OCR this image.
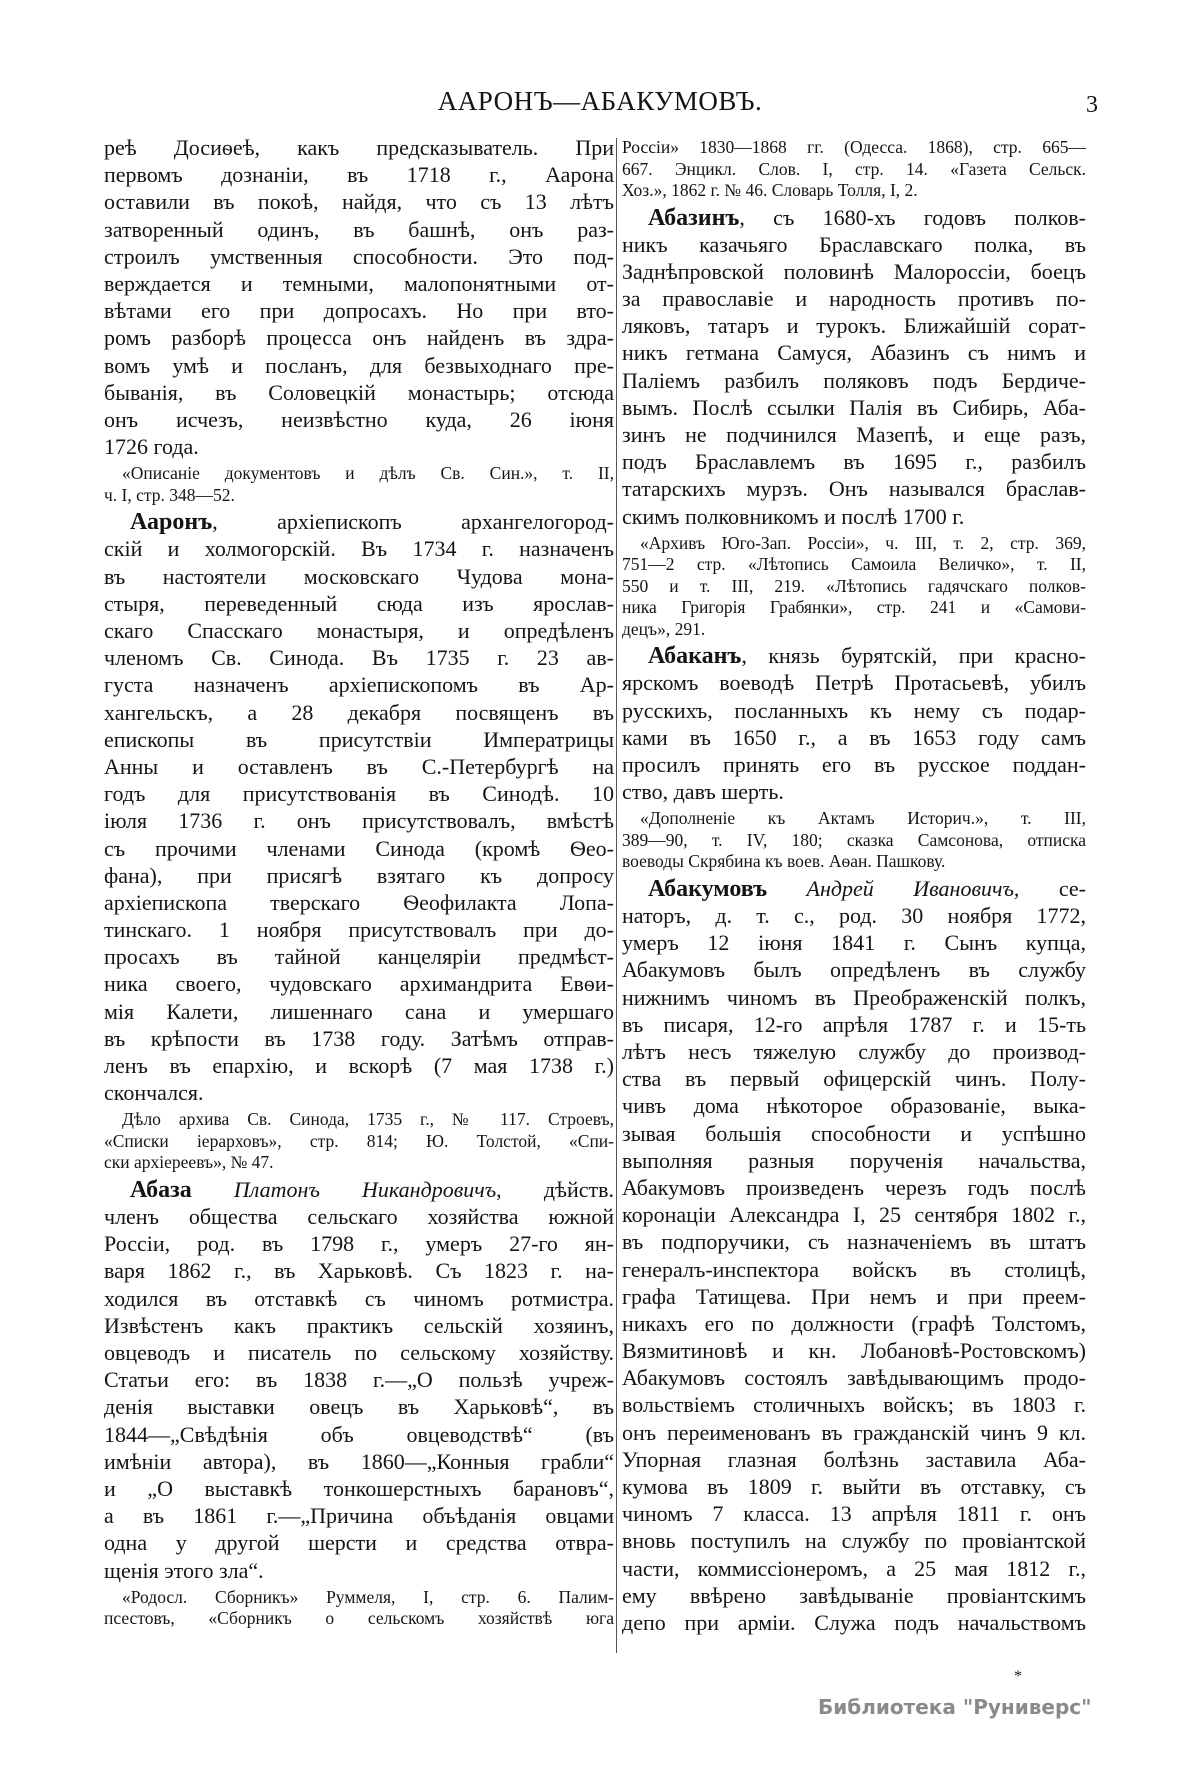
ААРОНЪ—АБАКУМОВЪ.	3
реѣ Досиѳеѣ, какъ предсказыватель. При
первомъ дознаніи, въ 1718 г., Аарона
оставили въ покоѣ, найдя, что съ 13 лѣтъ
затворенный одинъ, въ башнѣ, онъ раз-
строилъ умственныя способности. Это под-
верждается и темными, малопонятными от-
вѣтами его при допросахъ. Но при вто-
ромъ разборѣ процесса онъ найденъ въ здра-
вомъ умѣ и посланъ, для безвыходнаго пре-
быванія, въ Соловецкій монастырь; отсюда
онъ исчезъ, неизвѣстно куда, 26 іюня
1726 года.
«Описаніе документовъ и дѣлъ Св. Син.», т. II,
ч. I, стр. 348—52.
Ааронъ, архіепископъ архангелогород-
скій и холмогорскій. Въ 1734 г. назначенъ
въ настоятели московскаго Чудова мона-
стыря, переведенный сюда изъ ярослав-
скаго Спасскаго монастыря, и опредѣленъ
членомъ Св. Синода. Въ 1735 г. 23 ав-
густа назначенъ архіепископомъ въ Ар-
хангельскъ, а 28 декабря посвященъ въ
епископы въ присутствіи Императрицы
Анны и оставленъ въ С.-Петербургѣ на
годъ для присутствованія въ Синодѣ. 10
іюля 1736 г. онъ присутствовалъ, вмѣстѣ
съ прочими членами Синода (кромѣ Ѳео-
фана), при присягѣ взятаго къ допросу
архіепископа тверскаго Ѳеофилакта Лопа-
тинскаго. 1 ноября присутствовалъ при до-
просахъ въ тайной канцеляріи предмѣст-
ника своего, чудовскаго архимандрита Евѳи-
мія Калети, лишеннаго сана и умершаго
въ крѣпости въ 1738 году. Затѣмъ отправ-
ленъ въ епархію, и вскорѣ (7 мая 1738 г.)
скончался.
Дѣло архива Св. Синода, 1735 г., № 117. Строевъ,
«Списки іерарховъ», стр. 814; Ю. Толстой, «Спи-
ски архіереевъ», № 47.
Абаза Платонъ Никандровичъ, дѣйств.
членъ общества сельскаго хозяйства южной
Россіи, род. въ 1798 г., умеръ 27-го ян-
варя 1862 г., въ Харьковѣ. Съ 1823 г. на-
ходился въ отставкѣ съ чиномъ ротмистра.
Извѣстенъ какъ практикъ сельскій хозяинъ,
овцеводъ и писатель по сельскому хозяйству.
Статьи его: въ 1838 г.—„О пользѣ учреж-
денія выставки овецъ въ Харьковѣ“, въ
1844—„Свѣдѣнія объ овцеводствѣ“ (въ
имѣніи автора), въ 1860—„Конныя грабли“
и „О выставкѣ тонкошерстныхъ барановъ“,
а въ 1861 г.—„Причина объѣданія овцами
одна у другой шерсти и средства отвра-
щенія этого зла“.
«Родосл. Сборникъ» Руммеля, I, стр. 6. Палим-
псестовъ, «Сборникъ о сельскомъ хозяйствѣ юга
Россіи» 1830—1868 гг. (Одесса. 1868), стр. 665—
667. Энцикл. Слов. I, стр. 14. «Газета Сельск.
Хоз.», 1862 г. № 46. Словарь Толля, I, 2.
Абазинъ, съ 1680-хъ годовъ полков-
никъ казачьяго Браславскаго полка, въ
Заднѣпровской половинѣ Малороссіи, боецъ
за православіе и народность противъ по-
ляковъ, татаръ и турокъ. Ближайшій сорат-
никъ гетмана Самуся, Абазинъ съ нимъ и
Паліемъ разбилъ поляковъ подъ Бердиче-
вымъ. Послѣ ссылки Палія въ Сибирь, Аба-
зинъ не подчинился Мазепѣ, и еще разъ,
подъ Браславлемъ въ 1695 г., разбилъ
татарскихъ мурзъ. Онъ назывался браслав-
скимъ полковникомъ и послѣ 1700 г.
«Архивъ Юго-Зап. Россіи», ч. III, т. 2, стр. 369,
751—2 стр. «Лѣтопись Самоила Величко», т. II,
550 и т. III, 219. «Лѣтопись гадячскаго полков-
ника Григорія Грабянки», стр. 241 и «Самови-
децъ», 291.
Абаканъ, князь бурятскій, при красно-
ярскомъ воеводѣ Петрѣ Протасьевѣ, убилъ
русскихъ, посланныхъ къ нему съ подар-
ками въ 1650 г., а въ 1653 году самъ
просилъ принять его въ русское поддан-
ство, давъ шерть.
«Дополненіе къ Актамъ Историч.», т. III,
389—90, т. IV, 180; сказка Самсонова, отписка
воеводы Скрябина къ воев. Аѳан. Пашкову.
Абакумовъ Андрей Ивановичъ, се-
наторъ, д. т. с., род. 30 ноября 1772,
умеръ 12 іюня 1841 г. Сынъ купца,
Абакумовъ былъ опредѣленъ въ службу
нижнимъ чиномъ въ Преображенскій полкъ,
въ писаря, 12-го апрѣля 1787 г. и 15-ть
лѣтъ несъ тяжелую службу до производ-
ства въ первый офицерскій чинъ. Полу-
чивъ дома нѣкоторое образованіе, выка-
зывая большія способности и успѣшно
выполняя разныя порученія начальства,
Абакумовъ произведенъ черезъ годъ послѣ
коронаціи Александра I, 25 сентября 1802 г.,
въ подпоручики, съ назначеніемъ въ штатъ
генералъ-инспектора войскъ въ столицѣ,
графа Татищева. При немъ и при преем-
никахъ его по должности (графѣ Толстомъ,
Вязмитиновѣ и кн. Лобановѣ-Ростовскомъ)
Абакумовъ состоялъ завѣдывающимъ продо-
вольствіемъ столичныхъ войскъ; въ 1803 г.
онъ переименованъ въ гражданскій чинъ 9 кл.
Упорная глазная болѣзнь заставила Аба-
кумова въ 1809 г. выйти въ отставку, съ
чиномъ 7 класса. 13 апрѣля 1811 г. онъ
вновь поступилъ на службу по провіантской
части, коммиссіонеромъ, а 25 мая 1812 г.,
ему ввѣрено завѣдываніе провіантскимъ
депо при арміи. Служа подъ начальствомъ
*
Библиотека "Руниверс"
